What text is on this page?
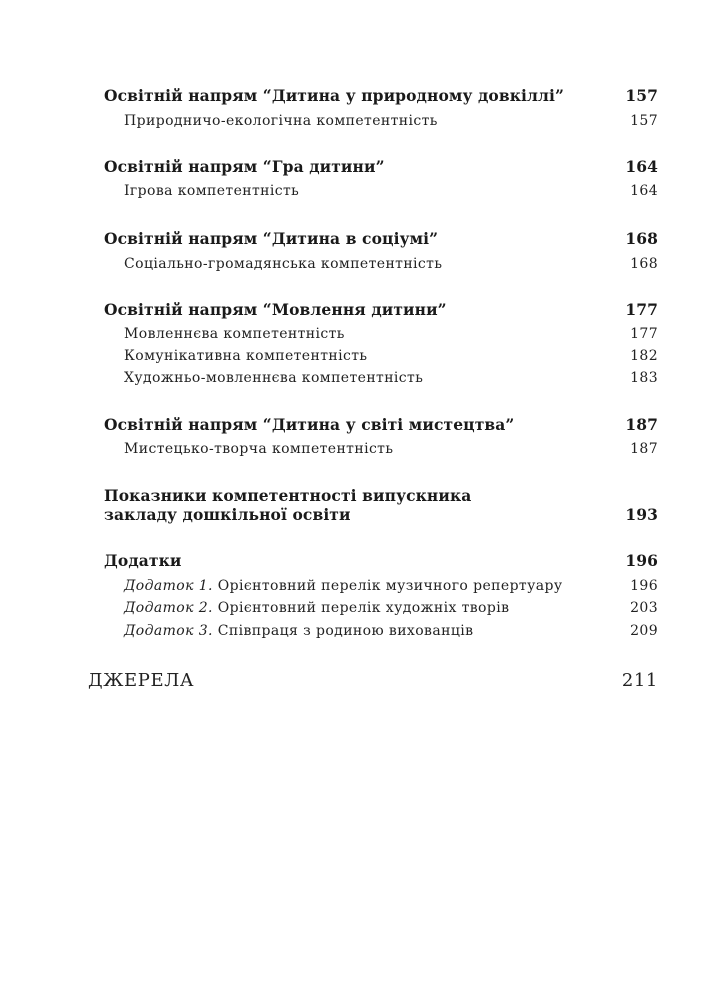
Освітній напрям “Дитина у природному довкіллі”	157
Природничо-екологічна компетентність	157
Освітній напрям “Гра дитини”	164
Ігрова компетентність	164
Освітній напрям “Дитина в соціумі”	168
Соціально-громадянська компетентність	168
Освітній напрям “Мовлення дитини”	177
Мовленнєва компетентність	177
Комунікативна компетентність	182
Художньо-мовленнєва компетентність	183
Освітній напрям “Дитина у світі мистецтва”	187
Мистецько-творча компетентність	187
Показники компетентності випускника
закладу дошкільної освіти	193
Додатки	196
Додаток 1. Орієнтовний перелік музичного репертуару	196
Додаток 2. Орієнтовний перелік художніх творів	203
Додаток 3. Співпраця з родиною вихованців	209
ДЖЕРЕЛА	211
